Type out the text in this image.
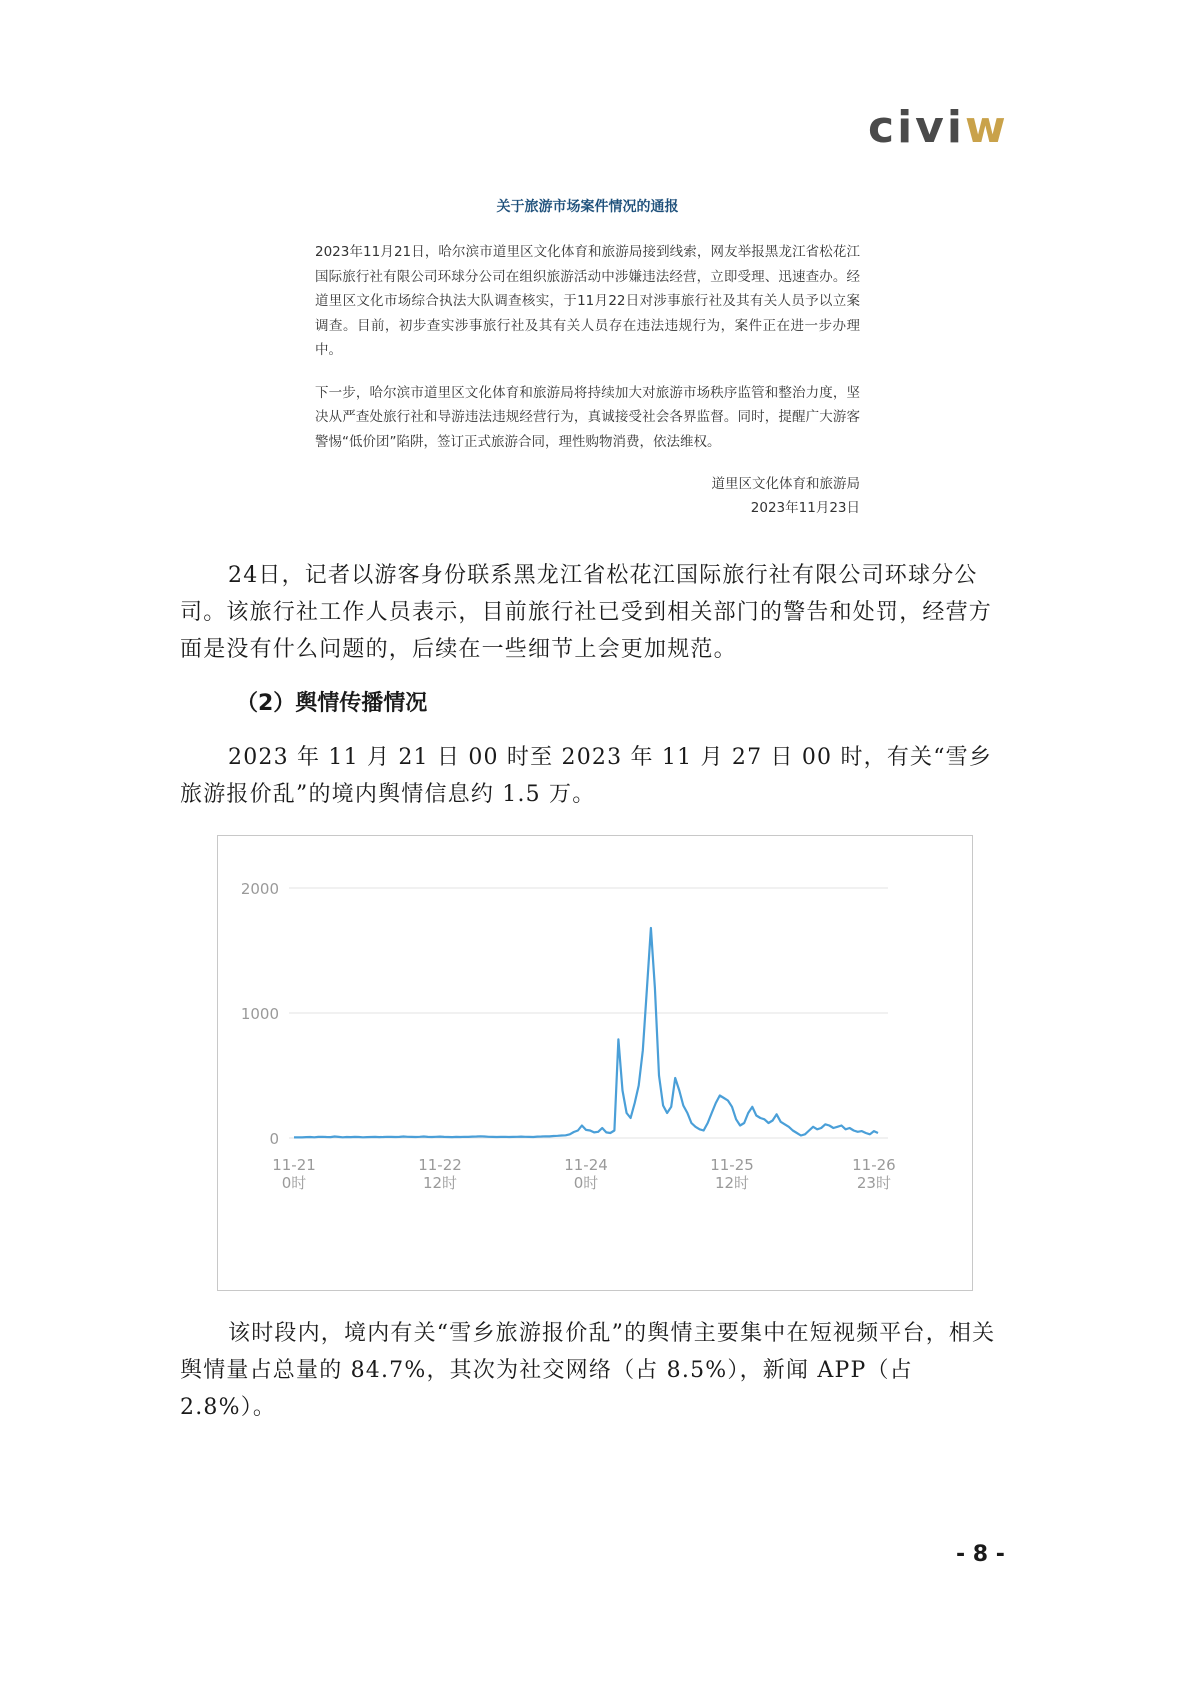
civiw
关于旅游市场案件情况的通报

2023年11月21日，哈尔滨市道里区文化体育和旅游局接到线索，网友举报黑龙江省松花江国际旅行社有限公司环球分公司在组织旅游活动中涉嫌违法经营，立即受理、迅速查办。经道里区文化市场综合执法大队调查核实，于11月22日对涉事旅行社及其有关人员予以立案调查。目前，初步查实涉事旅行社及其有关人员存在违法违规行为，案件正在进一步办理中。

下一步，哈尔滨市道里区文化体育和旅游局将持续加大对旅游市场秩序监管和整治力度，坚决从严查处旅行社和导游违法违规经营行为，真诚接受社会各界监督。同时，提醒广大游客警惕“低价团”陷阱，签订正式旅游合同，理性购物消费，依法维权。

道里区文化体育和旅游局
2023年11月23日
24日，记者以游客身份联系黑龙江省松花江国际旅行社有限公司环球分公司。该旅行社工作人员表示，目前旅行社已受到相关部门的警告和处罚，经营方面是没有什么问题的，后续在一些细节上会更加规范。
（2）舆情传播情况
2023 年 11 月 21 日 00 时至 2023 年 11 月 27 日 00 时，有关“雪乡旅游报价乱”的境内舆情信息约 1.5 万。
0
1000
2000
11-21
0时
11-22
12时
11-24
0时
11-25
12时
11-26
23时
该时段内，境内有关“雪乡旅游报价乱”的舆情主要集中在短视频平台，相关舆情量占总量的 84.7%，其次为社交网络（占 8.5%），新闻 APP（占 2.8%）。
- 8 -
